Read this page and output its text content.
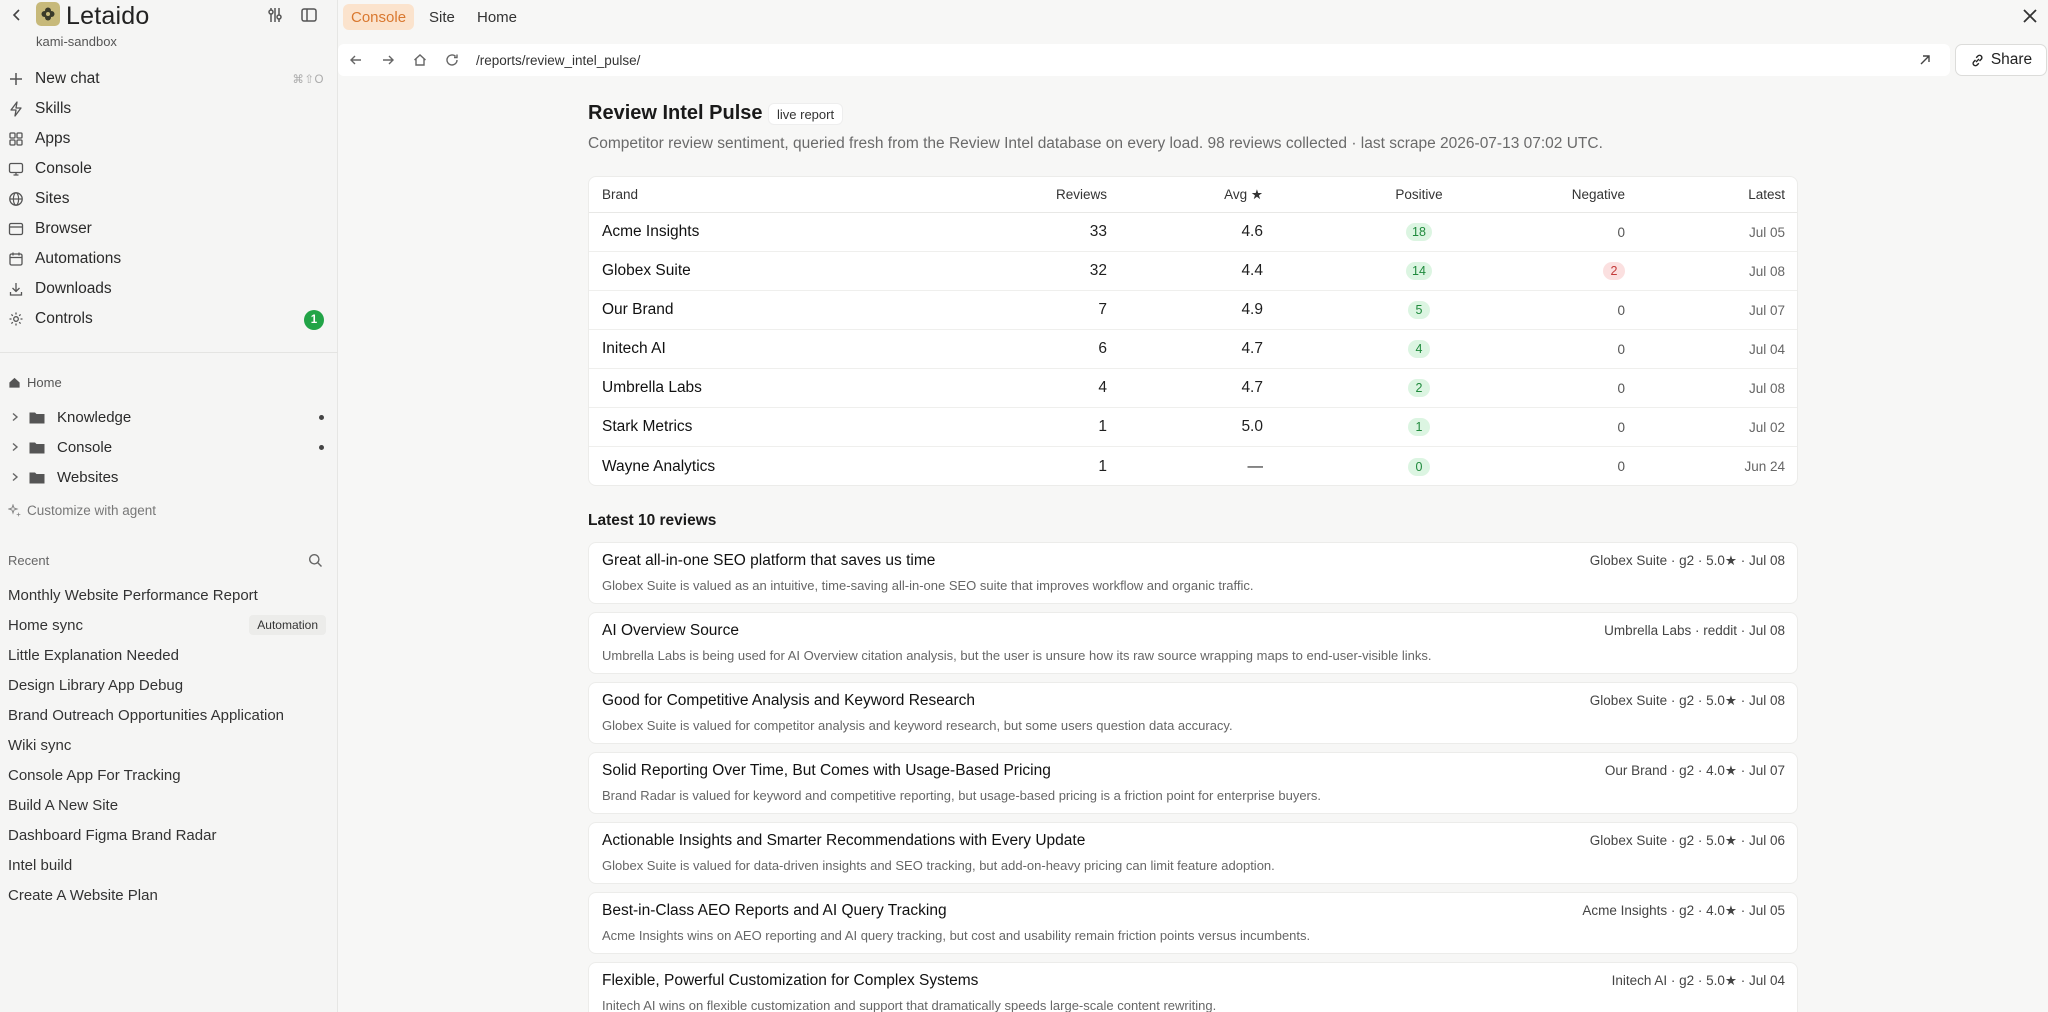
Letaido
kami-sandbox
New chat	⌘⇧O
Skills
Apps
Console
Sites
Browser
Automations
Downloads
Controls	1
Home
Knowledge
Console
Websites
Customize with agent
Recent
Monthly Website Performance Report
Home sync	Automation
Little Explanation Needed
Design Library App Debug
Brand Outreach Opportunities Application
Wiki sync
Console App For Tracking
Build A New Site
Dashboard Figma Brand Radar
Intel build
Create A Website Plan
Console	Site	Home
/reports/review_intel_pulse/	Share
Review Intel Pulse	live report

Competitor review sentiment, queried fresh from the Review Intel database on every load. 98 reviews collected · last scrape 2026-07-13 07:02 UTC.

Brand	Reviews	Avg ★	Positive	Negative	Latest
Acme Insights	33	4.6	18	0	Jul 05
Globex Suite	32	4.4	14	2	Jul 08
Our Brand	7	4.9	5	0	Jul 07
Initech AI	6	4.7	4	0	Jul 04
Umbrella Labs	4	4.7	2	0	Jul 08
Stark Metrics	1	5.0	1	0	Jul 02
Wayne Analytics	1	—	0	0	Jun 24
Latest 10 reviews
Great all-in-one SEO platform that saves us time	Globex Suite · g2 · 5.0★ · Jul 08
Globex Suite is valued as an intuitive, time-saving all-in-one SEO suite that improves workflow and organic traffic.
AI Overview Source	Umbrella Labs · reddit · Jul 08
Umbrella Labs is being used for AI Overview citation analysis, but the user is unsure how its raw source wrapping maps to end-user-visible links.
Good for Competitive Analysis and Keyword Research	Globex Suite · g2 · 5.0★ · Jul 08
Globex Suite is valued for competitor analysis and keyword research, but some users question data accuracy.
Solid Reporting Over Time, But Comes with Usage-Based Pricing	Our Brand · g2 · 4.0★ · Jul 07
Brand Radar is valued for keyword and competitive reporting, but usage-based pricing is a friction point for enterprise buyers.
Actionable Insights and Smarter Recommendations with Every Update	Globex Suite · g2 · 5.0★ · Jul 06
Globex Suite is valued for data-driven insights and SEO tracking, but add-on-heavy pricing can limit feature adoption.
Best-in-Class AEO Reports and AI Query Tracking	Acme Insights · g2 · 4.0★ · Jul 05
Acme Insights wins on AEO reporting and AI query tracking, but cost and usability remain friction points versus incumbents.
Flexible, Powerful Customization for Complex Systems	Initech AI · g2 · 5.0★ · Jul 04
Initech AI wins on flexible customization and support that dramatically speeds large-scale content rewriting.
